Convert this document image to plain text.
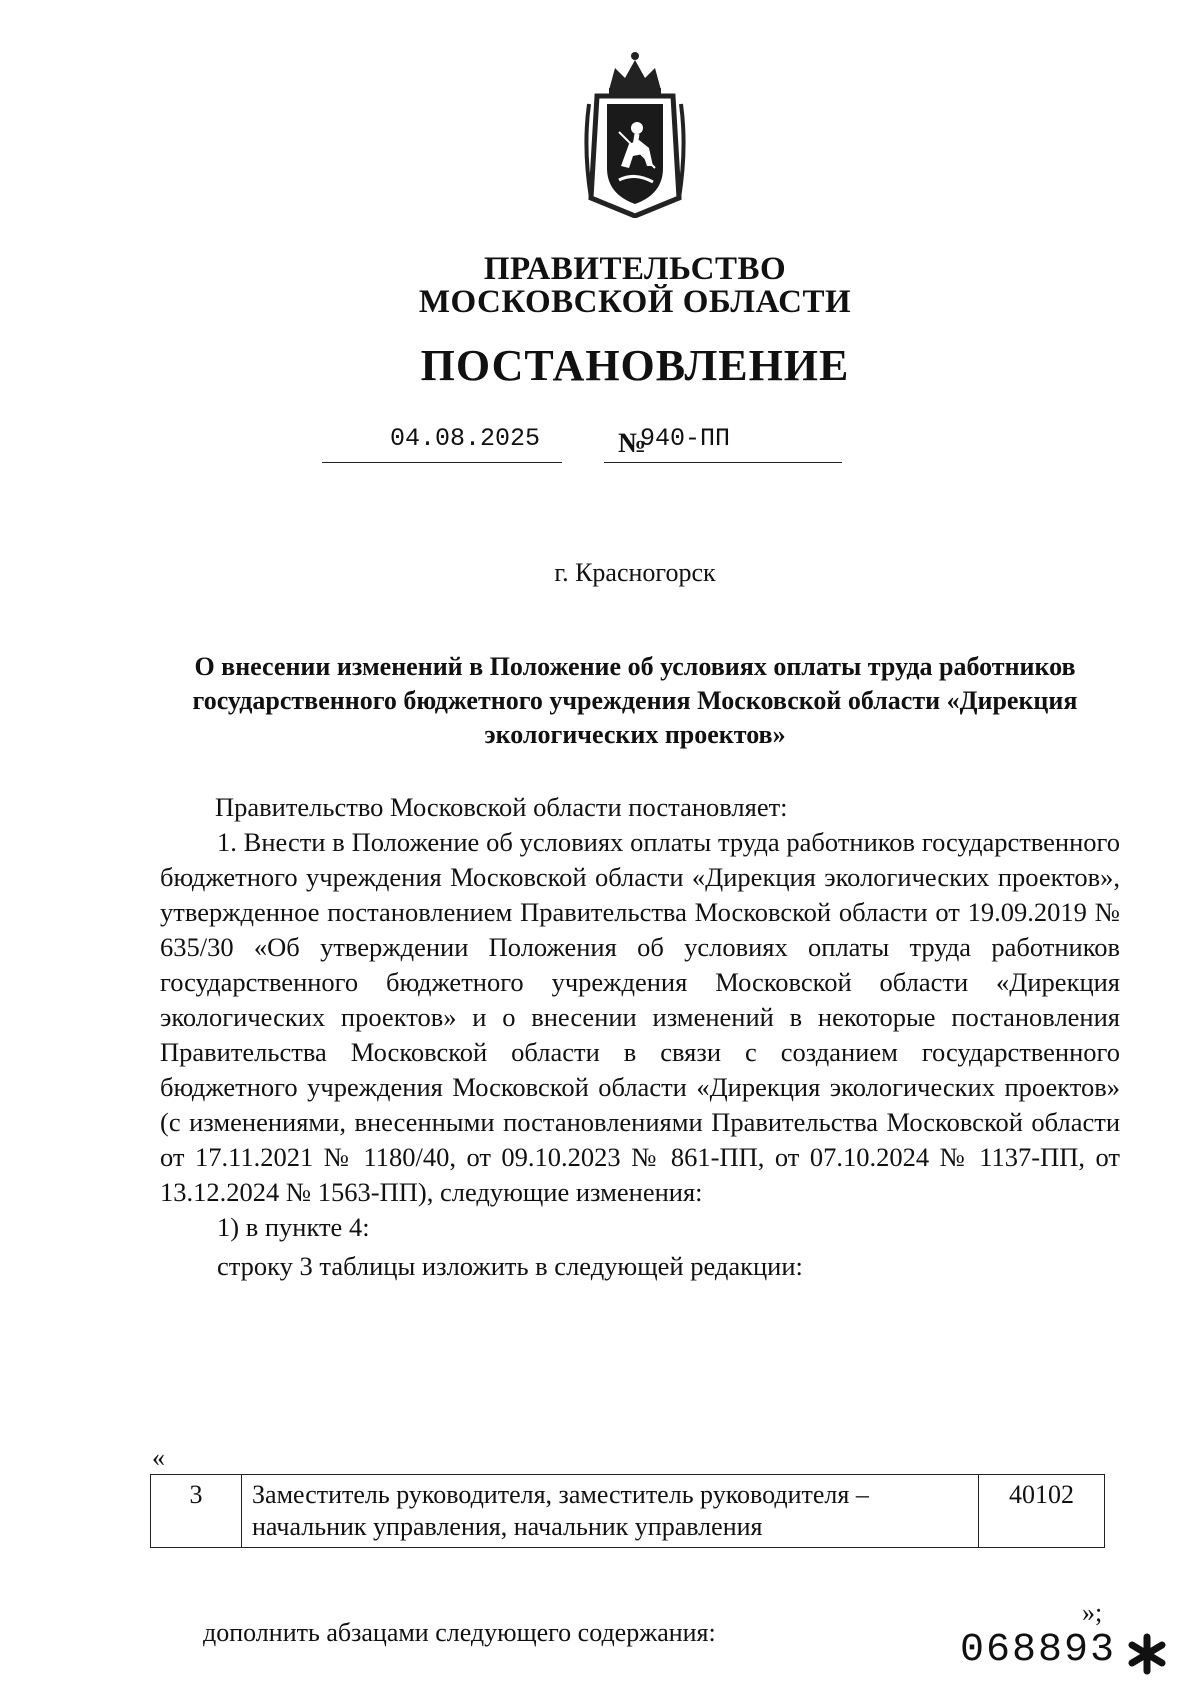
ПРАВИТЕЛЬСТВО
МОСКОВСКОЙ ОБЛАСТИ
ПОСТАНОВЛЕНИЕ
04.08.2025	№
940-ПП
г. Красногорск
О внесении изменений в Положение об условиях оплаты труда работников государственного бюджетного учреждения Московской области «Дирекция экологических проектов»

Правительство Московской области постановляет:

1. Внести в Положение об условиях оплаты труда работников государственного бюджетного учреждения Московской области «Дирекция экологических проектов», утвержденное постановлением Правительства Московской области от 19.09.2019 № 635/30 «Об утверждении Положения об условиях оплаты труда работников государственного бюджетного учреждения Московской области «Дирекция экологических проектов» и о внесении изменений в некоторые постановления Правительства Московской области в связи с созданием государственного бюджетного учреждения Московской области «Дирекция экологических проектов» (с изменениями, внесенными постановлениями Правительства Московской области от 17.11.2021 № 1180/40, от 09.10.2023 № 861-ПП, от 07.10.2024 № 1137-ПП, от 13.12.2024 № 1563-ПП), следующие изменения:

1) в пункте 4:

строку 3 таблицы изложить в следующей редакции:

«
3	Заместитель руководителя, заместитель руководителя – начальник управления, начальник управления	40102
»;
дополнить абзацами следующего содержания:	068893
